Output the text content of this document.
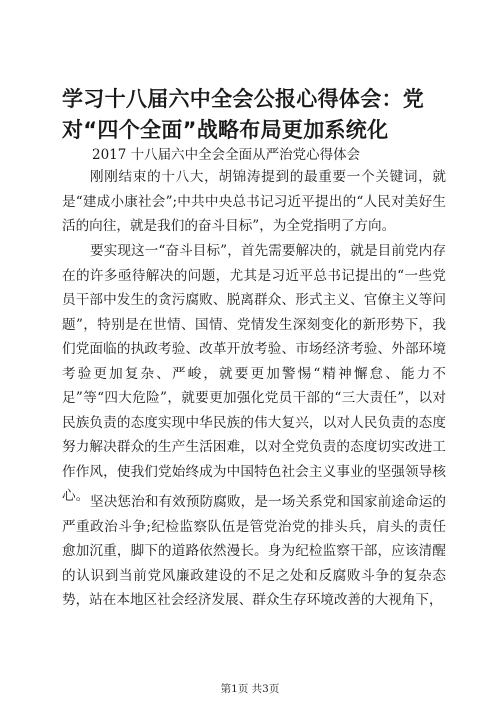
学习十八届六中全会公报心得体会：党对“四个全面”战略布局更加系统化

2017 十八届六中全会全面从严治党心得体会

刚刚结束的十八大，胡锦涛提到的最重要一个关键词，就是“建成小康社会”;中共中央总书记习近平提出的“人民对美好生活的向往，就是我们的奋斗目标”，为全党指明了方向。

要实现这一“奋斗目标”，首先需要解决的，就是目前党内存在的许多亟待解决的问题，尤其是习近平总书记提出的“一些党员干部中发生的贪污腐败、脱离群众、形式主义、官僚主义等问题”，特别是在世情、国情、党情发生深刻变化的新形势下，我们党面临的执政考验、改革开放考验、市场经济考验、外部环境考验更加复杂、严峻，就要更加警惕“精神懈怠、能力不足”等“四大危险”，就要更加强化党员干部的“三大责任”，以对民族负责的态度实现中华民族的伟大复兴，以对人民负责的态度努力解决群众的生产生活困难，以对全党负责的态度切实改进工作作风，使我们党始终成为中国特色社会主义事业的坚强领导核心。 坚决惩治和有效预防腐败，是一场关系党和国家前途命运的严重政治斗争;纪检监察队伍是管党治党的排头兵，肩头的责任愈加沉重，脚下的道路依然漫长。身为纪检监察干部，应该清醒的认识到当前党风廉政建设的不足之处和反腐败斗争的复杂态势，站在本地区社会经济发展、群众生存环境改善的大视角下，

第1页 共3页
